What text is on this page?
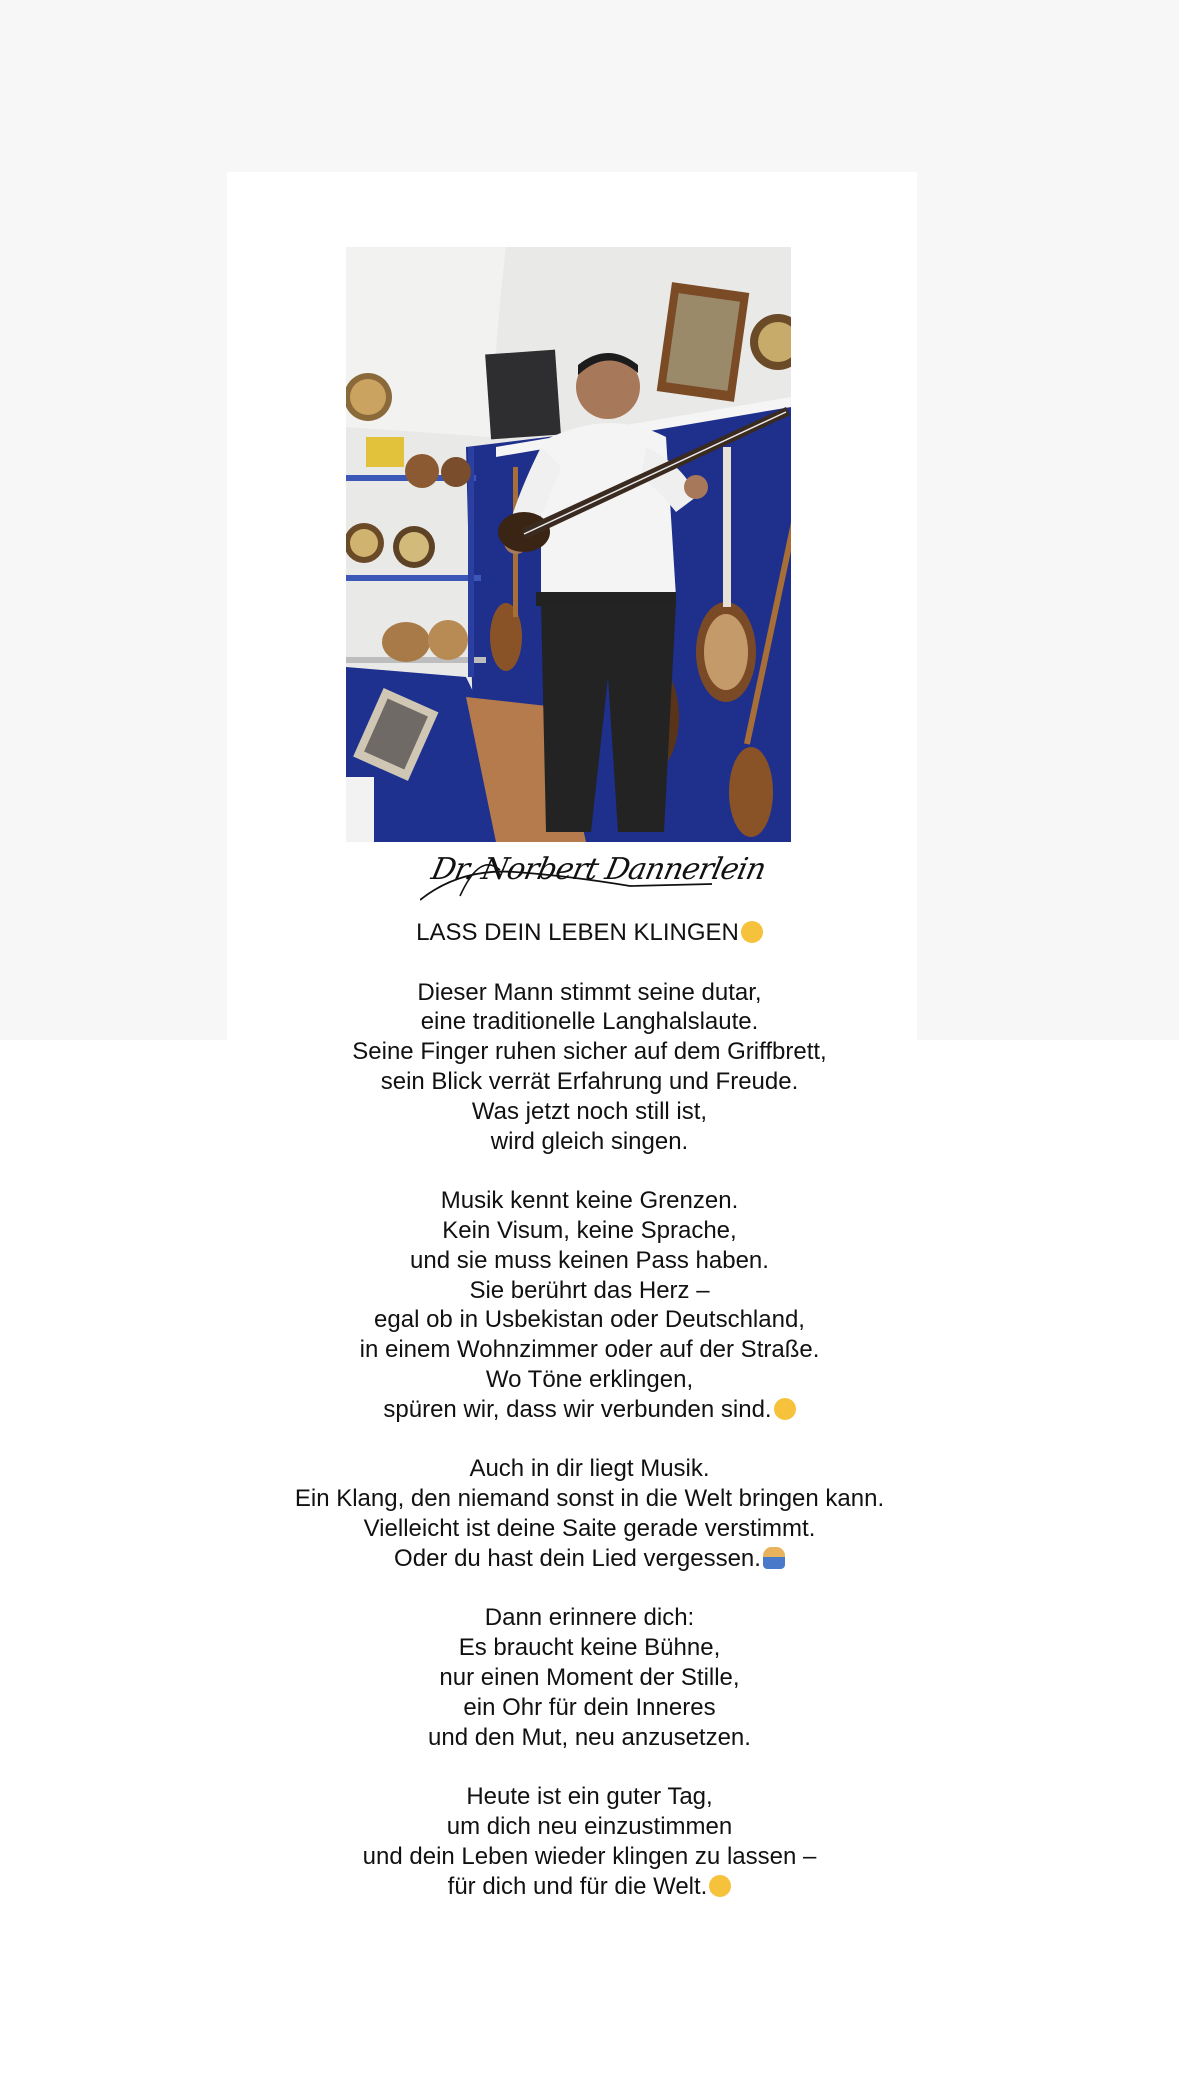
Dr. Norbert Dannerlein
LASS DEIN LEBEN KLINGEN
Dieser Mann stimmt seine dutar,
eine traditionelle Langhalslaute.
Seine Finger ruhen sicher auf dem Griffbrett,
sein Blick verrät Erfahrung und Freude.
Was jetzt noch still ist,
wird gleich singen.
Musik kennt keine Grenzen.
Kein Visum, keine Sprache,
und sie muss keinen Pass haben.
Sie berührt das Herz –
egal ob in Usbekistan oder Deutschland,
in einem Wohnzimmer oder auf der Straße.
Wo Töne erklingen,
spüren wir, dass wir verbunden sind.
Auch in dir liegt Musik.
Ein Klang, den niemand sonst in die Welt bringen kann.
Vielleicht ist deine Saite gerade verstimmt.
Oder du hast dein Lied vergessen.
Dann erinnere dich:
Es braucht keine Bühne,
nur einen Moment der Stille,
ein Ohr für dein Inneres
und den Mut, neu anzusetzen.
Heute ist ein guter Tag,
um dich neu einzustimmen
und dein Leben wieder klingen zu lassen –
für dich und für die Welt.
